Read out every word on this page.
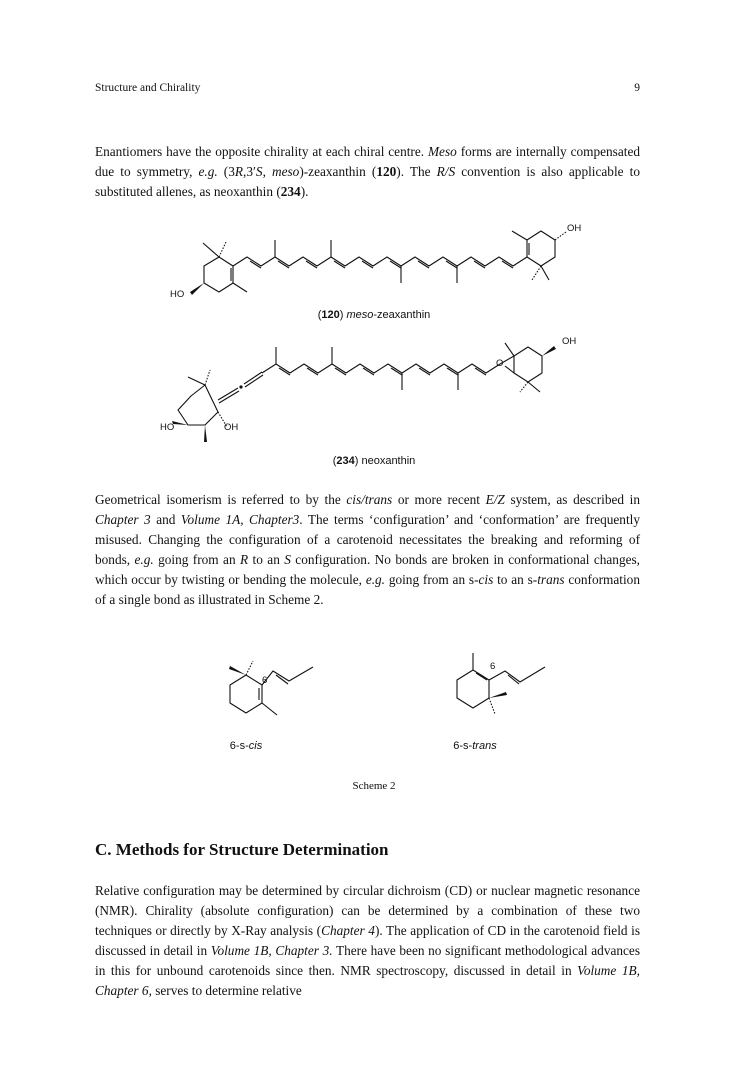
Structure and Chirality	9
Enantiomers have the opposite chirality at each chiral centre. Meso forms are internally compensated due to symmetry, e.g. (3R,3′S, meso)-zeaxanthin (120). The R/S convention is also applicable to substituted allenes, as neoxanthin (234).
HO
OH
(120) meso-zeaxanthin
HO	OH
OH
O
(234) neoxanthin
Geometrical isomerism is referred to by the cis/trans or more recent E/Z system, as described in Chapter 3 and Volume 1A, Chapter3. The terms ‘configuration’ and ‘conformation’ are frequently misused. Changing the configuration of a carotenoid necessitates the breaking and reforming of bonds, e.g. going from an R to an S configuration. No bonds are broken in conformational changes, which occur by twisting or bending the molecule, e.g. going from an s-cis to an s-trans conformation of a single bond as illustrated in Scheme 2.
6
6-s-cis
6
6-s-trans
Scheme 2
C. Methods for Structure Determination
Relative configuration may be determined by circular dichroism (CD) or nuclear magnetic resonance (NMR). Chirality (absolute configuration) can be determined by a combination of these two techniques or directly by X-Ray analysis (Chapter 4). The application of CD in the carotenoid field is discussed in detail in Volume 1B, Chapter 3. There have been no significant methodological advances in this for unbound carotenoids since then. NMR spectroscopy, discussed in detail in Volume 1B, Chapter 6, serves to determine relative
